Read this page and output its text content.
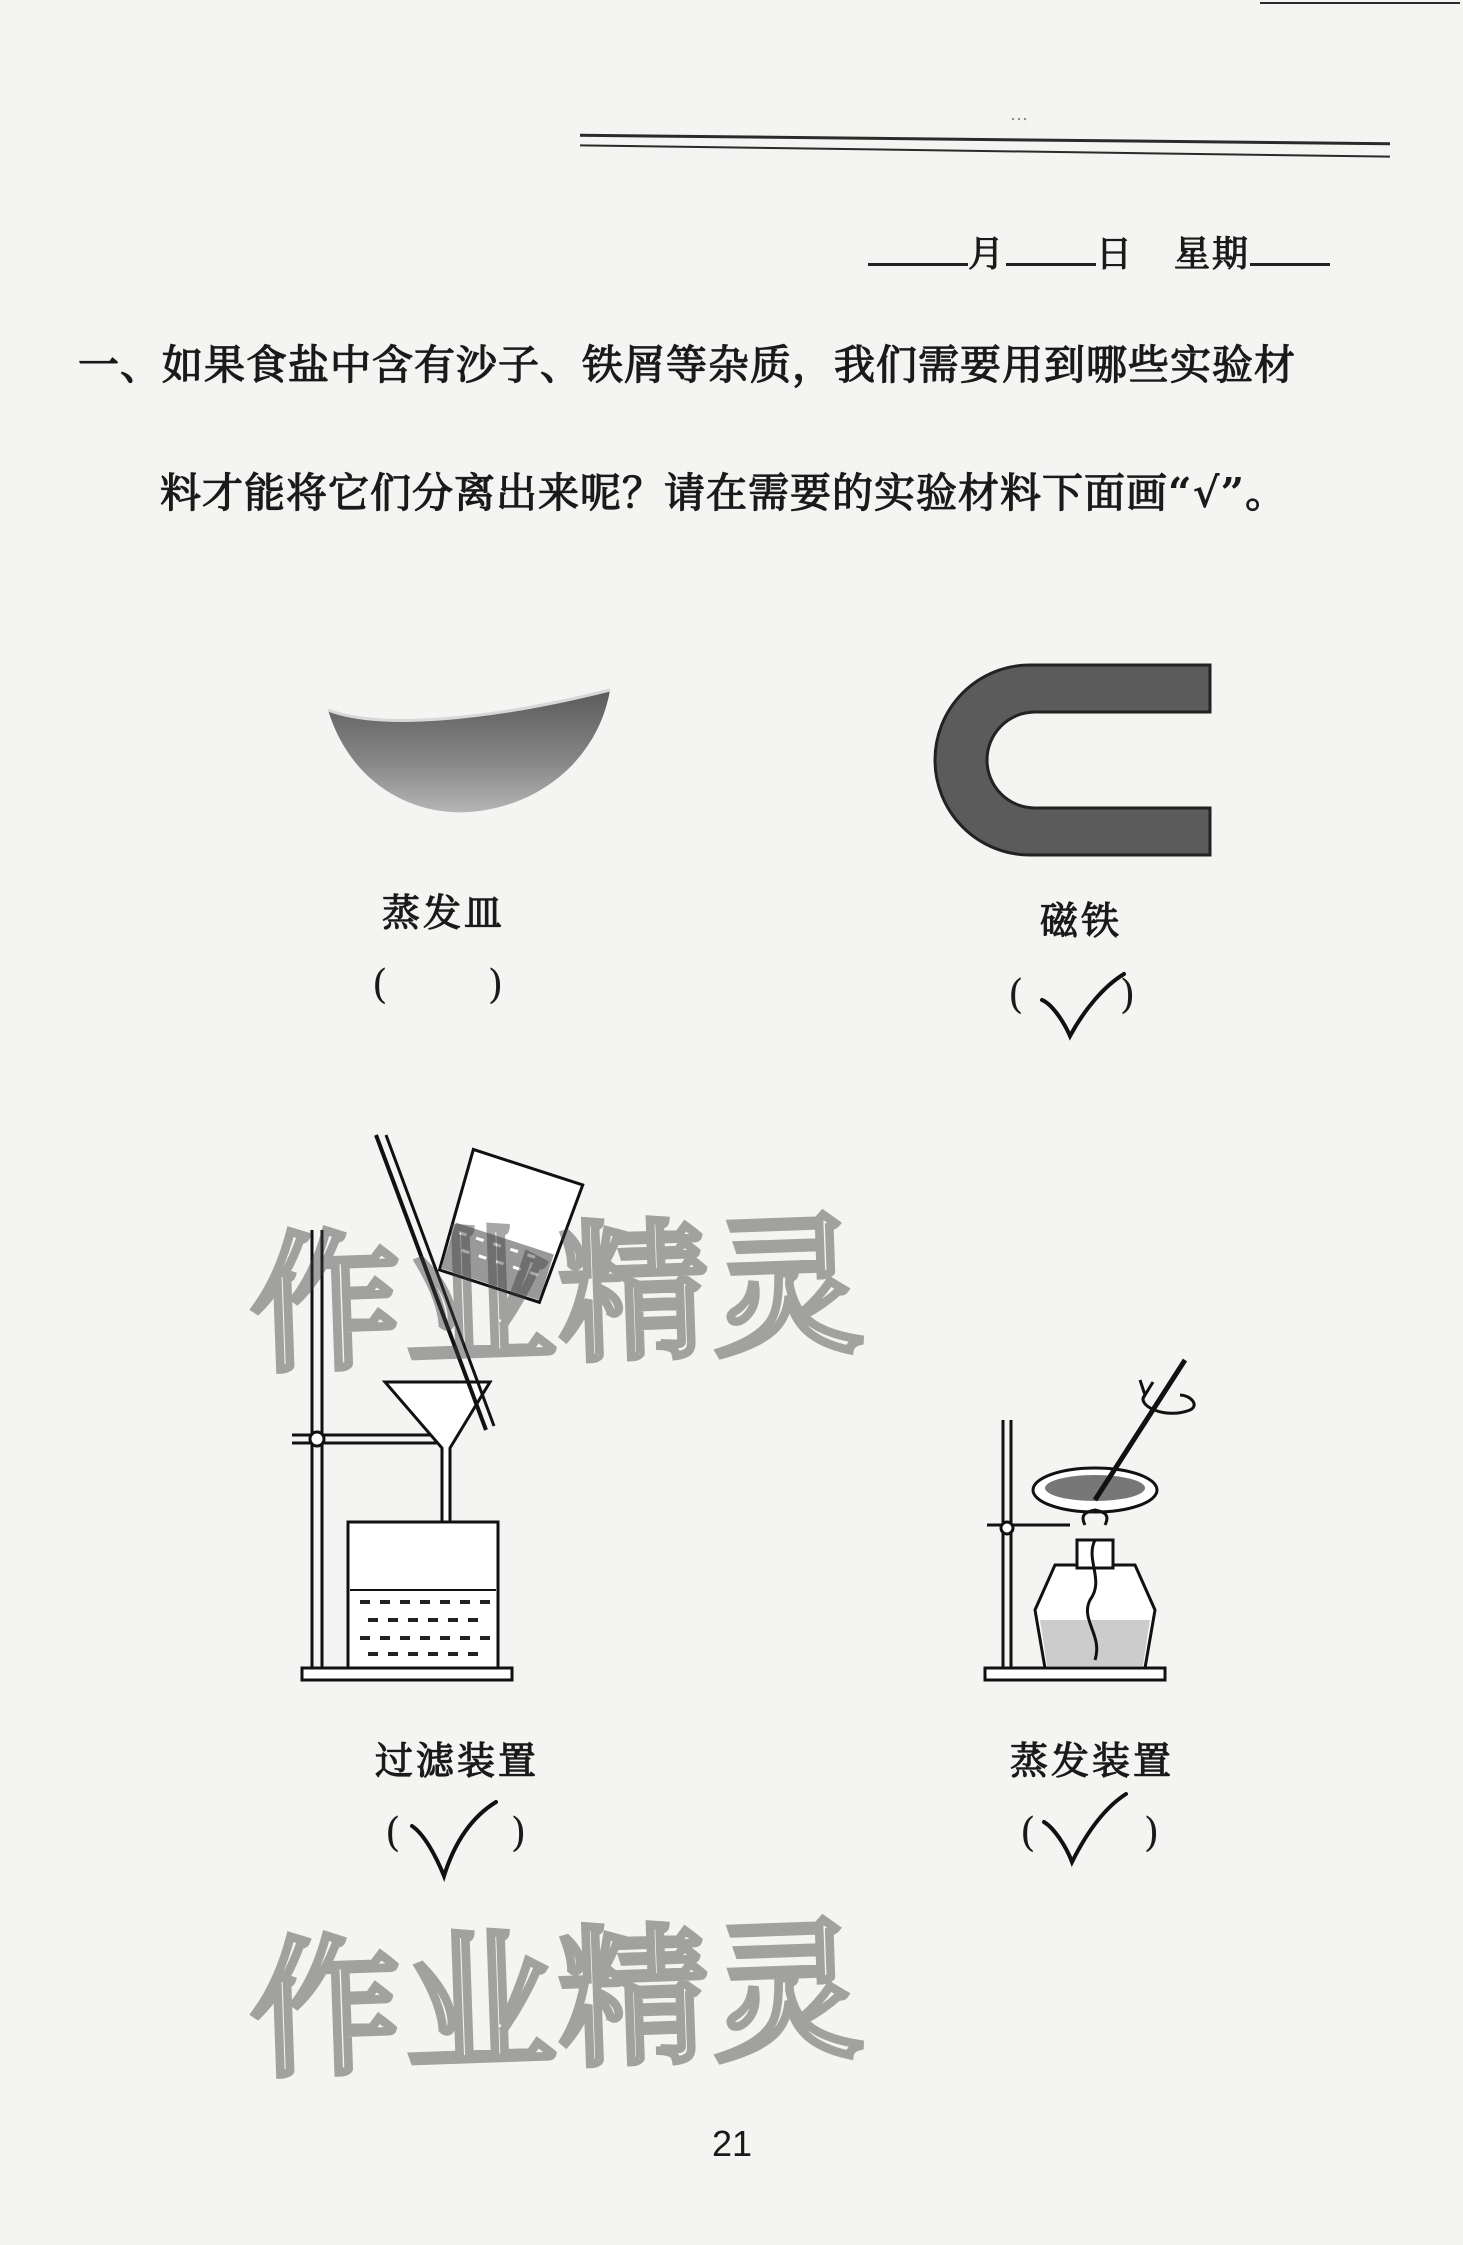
…
月	日 星期
一、如果食盐中含有沙子、铁屑等杂质，我们需要用到哪些实验材
料才能将它们分离出来呢？请在需要的实验材料下面画“√”。
蒸发皿	磁铁
(	)	( )
过滤装置	蒸发装置
(	)	(	)
作业精灵
作业精灵
21
